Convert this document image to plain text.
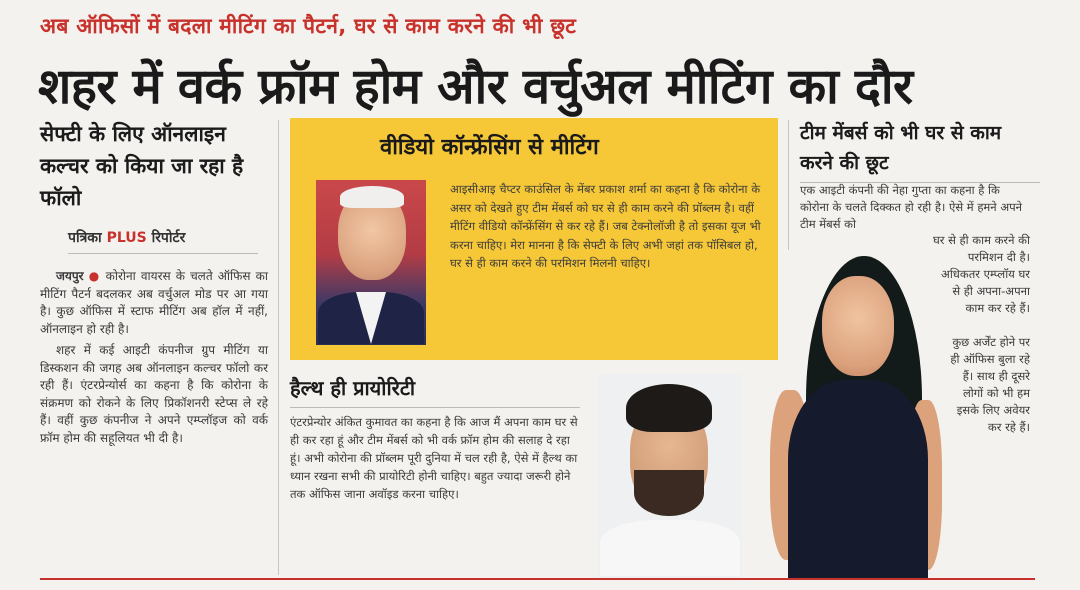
अब ऑफिसों में बदला मीटिंग का पैटर्न, घर से काम करने की भी छूट
शहर में वर्क फ्रॉम होम और वर्चुअल मीटिंग का दौर
सेफ्टी के लिए ऑनलाइन कल्चर को किया जा रहा है फॉलो
पत्रिका PLUS रिपोर्टर

जयपुर ● कोरोना वायरस के चलते ऑफिस का मीटिंग पैटर्न बदलकर अब वर्चुअल मोड पर आ गया है। कुछ ऑफिस में स्टाफ मीटिंग अब हॉल में नहीं, ऑनलाइन हो रही है।

शहर में कई आइटी कंपनीज ग्रुप मीटिंग या डिस्कशन की जगह अब ऑनलाइन कल्चर फॉलो कर रही हैं। एंटरप्रेन्योर्स का कहना है कि कोरोना के संक्रमण को रोकने के लिए प्रिकॉशनरी स्टेप्स ले रहे हैं। वहीं कुछ कंपनीज ने अपने एम्प्लॉइज को वर्क फ्रॉम होम की सहूलियत भी दी है।

वीडियो कॉन्फ्रेंसिंग से मीटिंग
आइसीआइ चैप्टर काउंसिल के मेंबर प्रकाश शर्मा का कहना है कि कोरोना के असर को देखते हुए टीम मेंबर्स को घर से ही काम करने की प्रॉब्लम है। वहीं मीटिंग वीडियो कॉन्फ्रेंसिंग से कर रहे हैं। जब टेक्नोलॉजी है तो इसका यूज भी करना चाहिए। मेरा मानना है कि सेफ्टी के लिए अभी जहां तक पॉसिबल हो, घर से ही काम करने की परमिशन मिलनी चाहिए।
टीम मेंबर्स को भी घर से काम करने की छूट
एक आइटी कंपनी की नेहा गुप्ता का कहना है कि कोरोना के चलते दिक्कत हो रही है। ऐसे में हमने अपने टीम मेंबर्स को
घर से ही काम करने की परमिशन दी है। अधिकतर एम्प्लॉय घर से ही अपना-अपना काम कर रहे हैं।
कुछ अर्जेंट होने पर ही ऑफिस बुला रहे हैं। साथ ही दूसरे लोगों को भी हम इसके लिए अवेयर कर रहे हैं।
हैल्थ ही प्रायोरिटी
एंटरप्रेन्योर अंकित कुमावत का कहना है कि आज मैं अपना काम घर से ही कर रहा हूं और टीम मेंबर्स को भी वर्क फ्रॉम होम की सलाह दे रहा हूं। अभी कोरोना की प्रॉब्लम पूरी दुनिया में चल रही है, ऐसे में हैल्थ का ध्यान रखना सभी की प्रायोरिटी होनी चाहिए। बहुत ज्यादा जरूरी होने तक ऑफिस जाना अवॉइड करना चाहिए।
